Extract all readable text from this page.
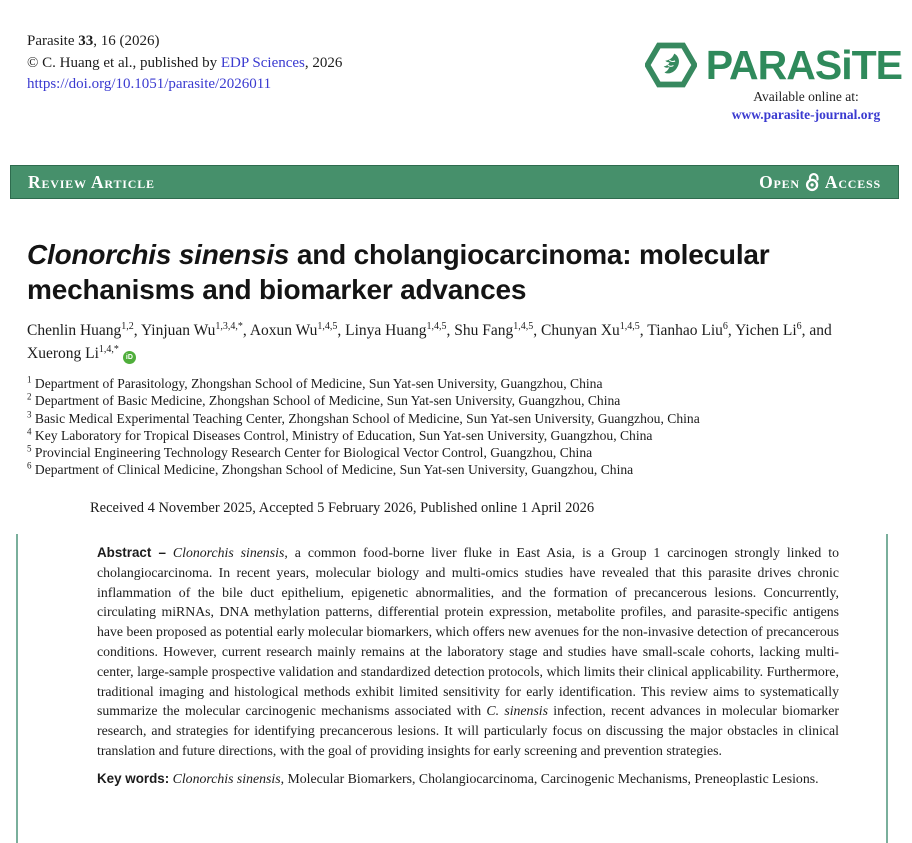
Parasite 33, 16 (2026)
© C. Huang et al., published by EDP Sciences, 2026
https://doi.org/10.1051/parasite/2026011	PARASiTE
Available online at:
www.parasite-journal.org
Review Article	Open Access
Clonorchis sinensis and cholangiocarcinoma: molecular
mechanisms and biomarker advances
Chenlin Huang$^{1,2}$, Yinjuan $Wu^{1,3,4,*}$, Aoxun Wu$^{1,4,5}$, Linya Huang$^{1,4,5}$, Shu Fang$^{1,4,5}$, Chunyan Xu$^{1,4,5}$, Tianhao Liu$^6$, Yichen Li$^6$, and Xuerong $Li^{1,4,*}iD$
$^1$ Department of Parasitology, Zhongshan School of Medicine, Sun Yat-sen University, Guangzhou, China
$^2$ Department of Basic Medicine, Zhongshan School of Medicine, Sun Yat-sen University, Guangzhou, China
$^3$ Basic Medical Experimental Teaching Center, Zhongshan School of Medicine, Sun Yat-sen University, Guangzhou, China
$^4$ Key Laboratory for Tropical Diseases Control, Ministry of Education, Sun Yat-sen University, Guangzhou, China
$^5$ Provincial Engineering Technology Research Center for Biological Vector Control, Guangzhou, China
$^6$ Department of Clinical Medicine, Zhongshan School of Medicine, Sun Yat-sen University, Guangzhou, China
Received 4 November 2025, Accepted 5 February 2026, Published online 1 April 2026

Abstract – Clonorchis sinensis, a common food-borne liver fluke in East Asia, is a Group 1 carcinogen strongly linked to cholangiocarcinoma. In recent years, molecular biology and multi-omics studies have revealed that this parasite drives chronic inflammation of the bile duct epithelium, epigenetic abnormalities, and the formation of precancerous lesions. Concurrently, circulating miRNAs, DNA methylation patterns, differential protein expression, metabolite profiles, and parasite-specific antigens have been proposed as potential early molecular biomarkers, which offers new avenues for the non-invasive detection of precancerous conditions. However, current research mainly remains at the laboratory stage and studies have small-scale cohorts, lacking multi-center, large-sample prospective validation and standardized detection protocols, which limits their clinical applicability. Furthermore, traditional imaging and histological methods exhibit limited sensitivity for early identification. This review aims to systematically summarize the molecular carcinogenic mechanisms associated with C. sinensis infection, recent advances in molecular biomarker research, and strategies for identifying precancerous lesions. It will particularly focus on discussing the major obstacles in clinical translation and future directions, with the goal of providing insights for early screening and prevention strategies.

Key words: Clonorchis sinensis, Molecular Biomarkers, Cholangiocarcinoma, Carcinogenic Mechanisms, Preneoplastic Lesions.
